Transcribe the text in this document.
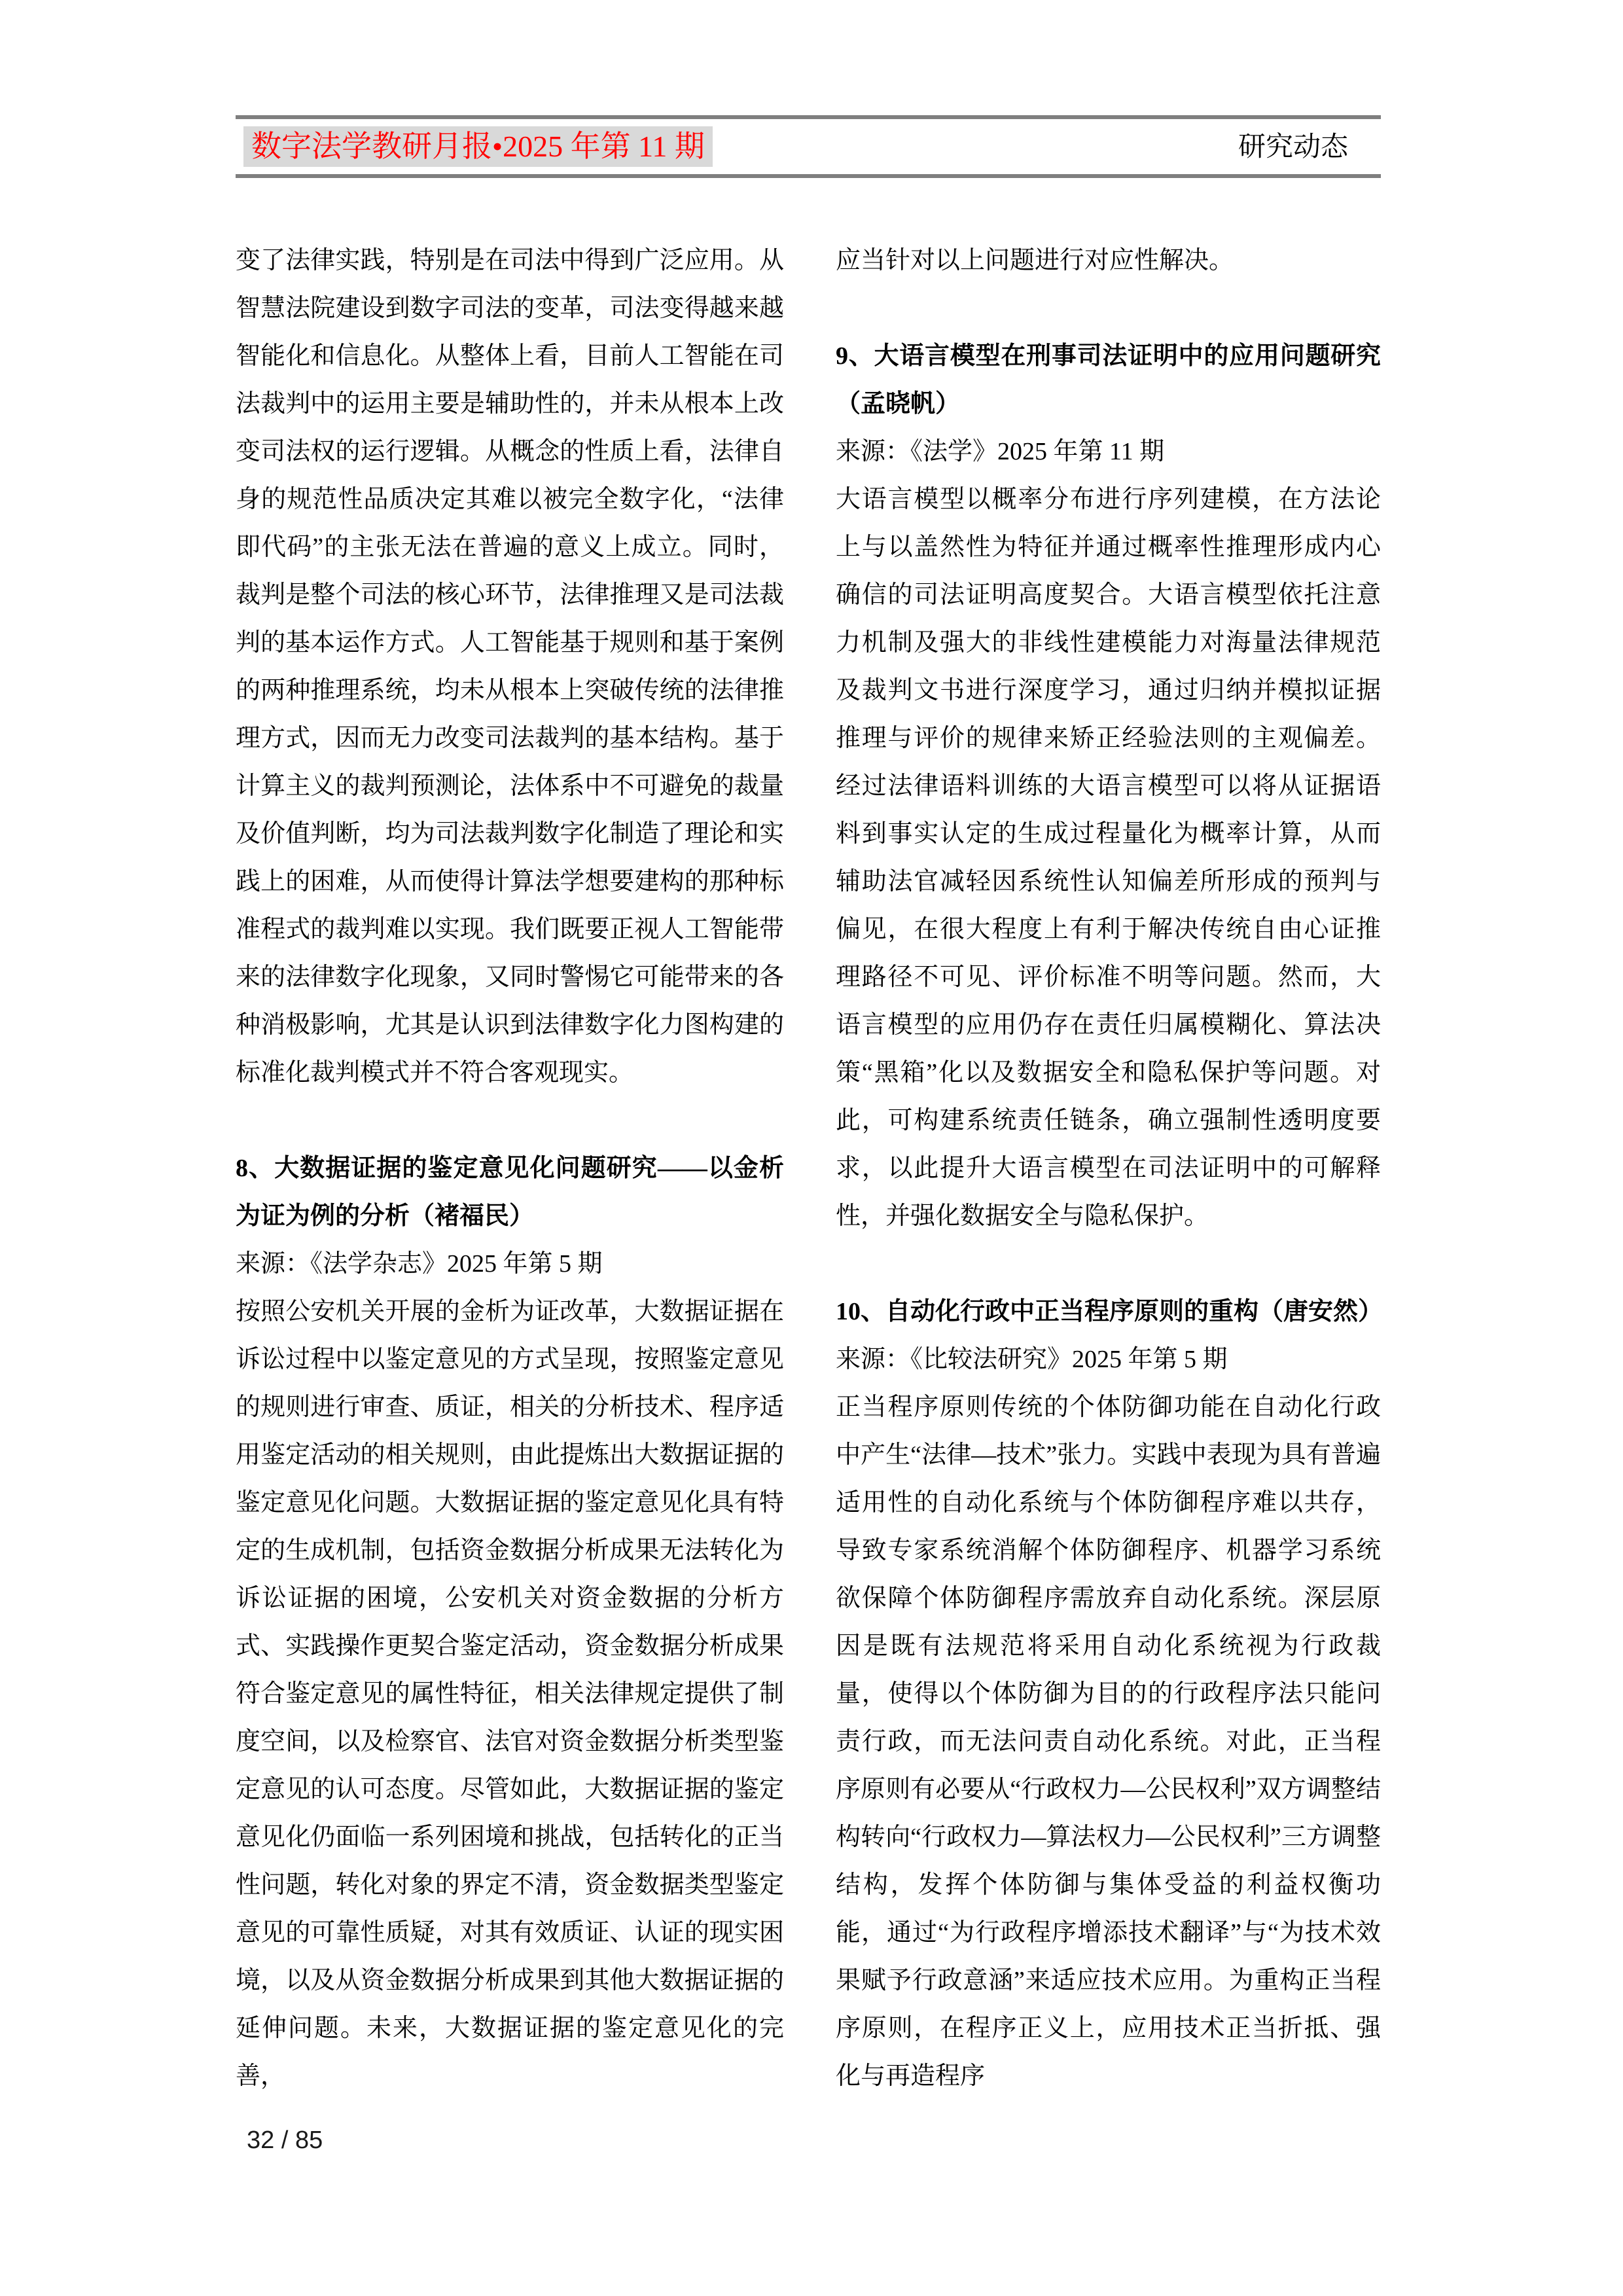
数字法学教研月报•2025 年第 11 期	研究动态

变了法律实践，特别是在司法中得到广泛应用。从智慧法院建设到数字司法的变革，司法变得越来越智能化和信息化。从整体上看，目前人工智能在司法裁判中的运用主要是辅助性的，并未从根本上改变司法权的运行逻辑。从概念的性质上看，法律自身的规范性品质决定其难以被完全数字化，“法律即代码”的主张无法在普遍的意义上成立。同时，裁判是整个司法的核心环节，法律推理又是司法裁判的基本运作方式。人工智能基于规则和基于案例的两种推理系统，均未从根本上突破传统的法律推理方式，因而无力改变司法裁判的基本结构。基于计算主义的裁判预测论，法体系中不可避免的裁量及价值判断，均为司法裁判数字化制造了理论和实践上的困难，从而使得计算法学想要建构的那种标准程式的裁判难以实现。我们既要正视人工智能带来的法律数字化现象，又同时警惕它可能带来的各种消极影响，尤其是认识到法律数字化力图构建的标准化裁判模式并不符合客观现实。

8、大数据证据的鉴定意见化问题研究——以金析为证为例的分析（褚福民）

来源：《法学杂志》2025 年第 5 期

按照公安机关开展的金析为证改革，大数据证据在诉讼过程中以鉴定意见的方式呈现，按照鉴定意见的规则进行审查、质证，相关的分析技术、程序适用鉴定活动的相关规则，由此提炼出大数据证据的鉴定意见化问题。大数据证据的鉴定意见化具有特定的生成机制，包括资金数据分析成果无法转化为诉讼证据的困境，公安机关对资金数据的分析方式、实践操作更契合鉴定活动，资金数据分析成果符合鉴定意见的属性特征，相关法律规定提供了制度空间，以及检察官、法官对资金数据分析类型鉴定意见的认可态度。尽管如此，大数据证据的鉴定意见化仍面临一系列困境和挑战，包括转化的正当性问题，转化对象的界定不清，资金数据类型鉴定意见的可靠性质疑，对其有效质证、认证的现实困境，以及从资金数据分析成果到其他大数据证据的延伸问题。未来，大数据证据的鉴定意见化的完善，

应当针对以上问题进行对应性解决。

9、大语言模型在刑事司法证明中的应用问题研究（孟晓帆）

来源：《法学》2025 年第 11 期

大语言模型以概率分布进行序列建模，在方法论上与以盖然性为特征并通过概率性推理形成内心确信的司法证明高度契合。大语言模型依托注意力机制及强大的非线性建模能力对海量法律规范及裁判文书进行深度学习，通过归纳并模拟证据推理与评价的规律来矫正经验法则的主观偏差。经过法律语料训练的大语言模型可以将从证据语料到事实认定的生成过程量化为概率计算，从而辅助法官减轻因系统性认知偏差所形成的预判与偏见，在很大程度上有利于解决传统自由心证推理路径不可见、评价标准不明等问题。然而，大语言模型的应用仍存在责任归属模糊化、算法决策“黑箱”化以及数据安全和隐私保护等问题。对此，可构建系统责任链条，确立强制性透明度要求，以此提升大语言模型在司法证明中的可解释性，并强化数据安全与隐私保护。

10、自动化行政中正当程序原则的重构（唐安然）

来源：《比较法研究》2025 年第 5 期

正当程序原则传统的个体防御功能在自动化行政中产生“法律—技术”张力。实践中表现为具有普遍适用性的自动化系统与个体防御程序难以共存，导致专家系统消解个体防御程序、机器学习系统欲保障个体防御程序需放弃自动化系统。深层原因是既有法规范将采用自动化系统视为行政裁量，使得以个体防御为目的的行政程序法只能问责行政，而无法问责自动化系统。对此，正当程序原则有必要从“行政权力—公民权利”双方调整结构转向“行政权力—算法权力—公民权利”三方调整结构，发挥个体防御与集体受益的利益权衡功能，通过“为行政程序增添技术翻译”与“为技术效果赋予行政意涵”来适应技术应用。为重构正当程序原则，在程序正义上，应用技术正当折抵、强化与再造程序

32 / 85
